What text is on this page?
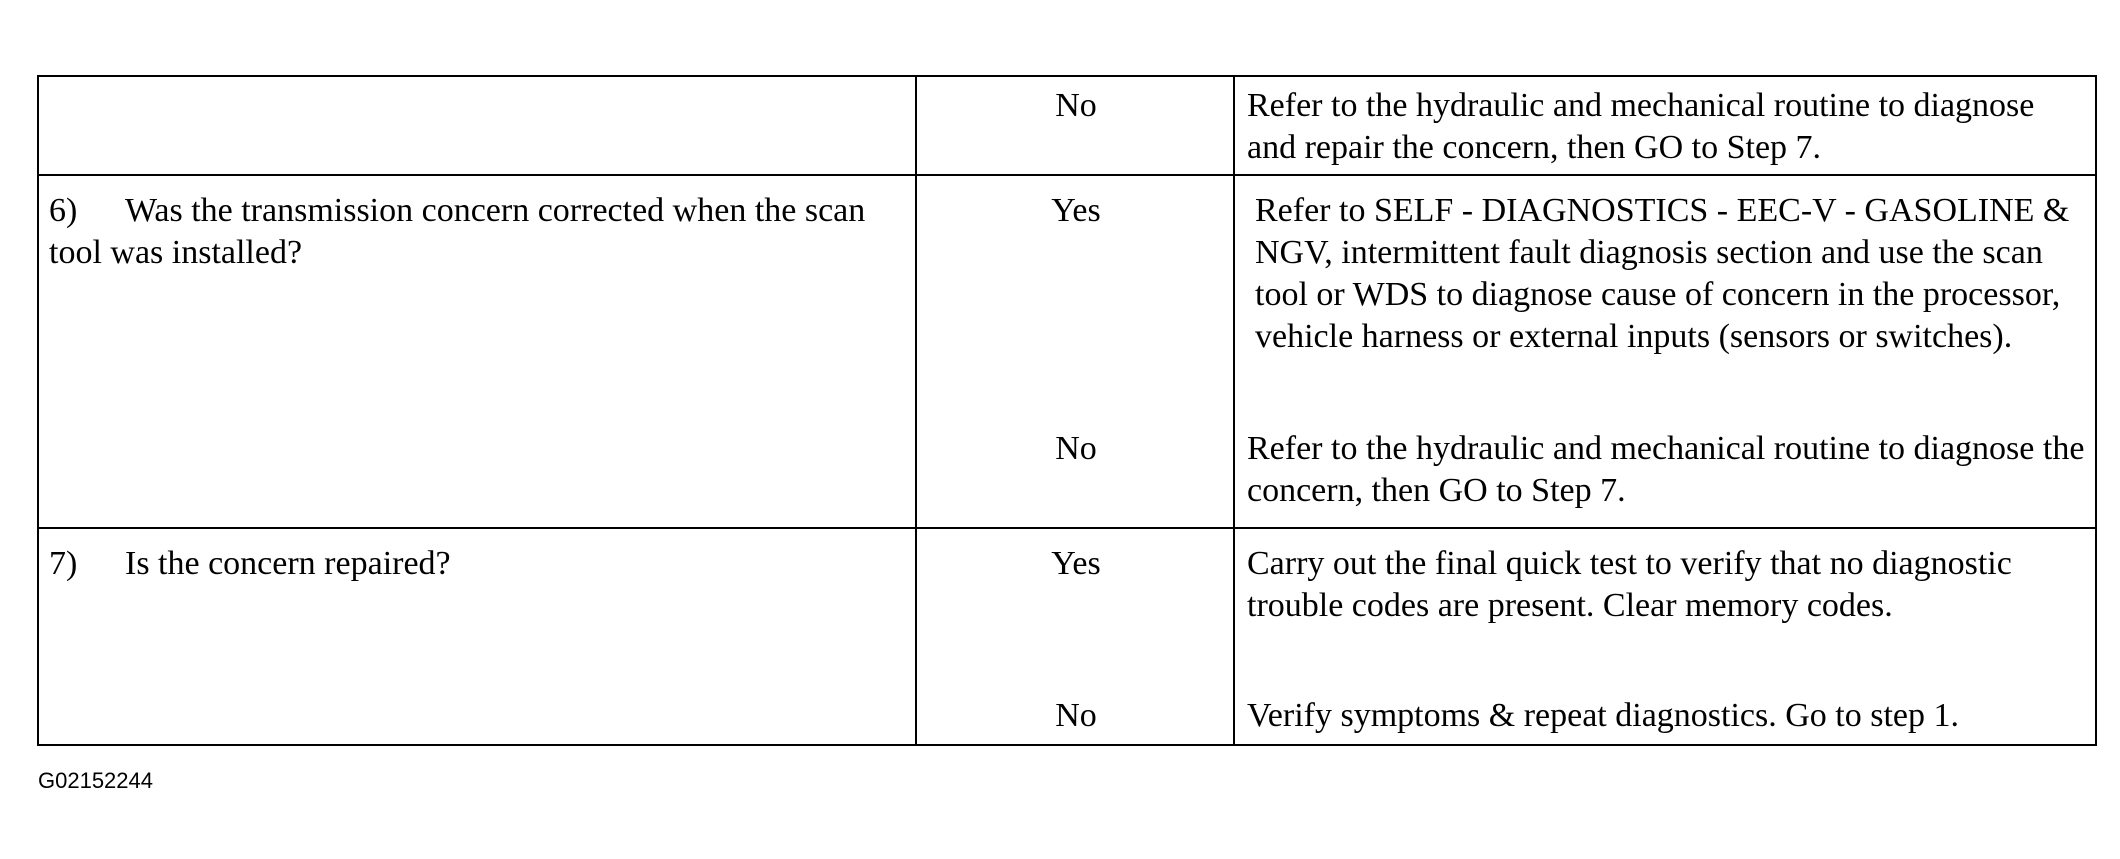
No	Refer to the hydraulic and mechanical routine to diagnose and repair the concern, then GO to Step 7.
6) Was the transmission concern corrected when the scan tool was installed?
Yes
No
Refer to SELF - DIAGNOSTICS - EEC-V - GASOLINE & NGV, intermittent fault diagnosis section and use the scan tool or WDS to diagnose cause of concern in the processor, vehicle harness or external inputs (sensors or switches).
Refer to the hydraulic and mechanical routine to diagnose the concern, then GO to Step 7.
7) Is the concern repaired?	Yes
No
Carry out the final quick test to verify that no diagnostic trouble codes are present. Clear memory codes.
Verify symptoms & repeat diagnostics. Go to step 1.
G02152244
